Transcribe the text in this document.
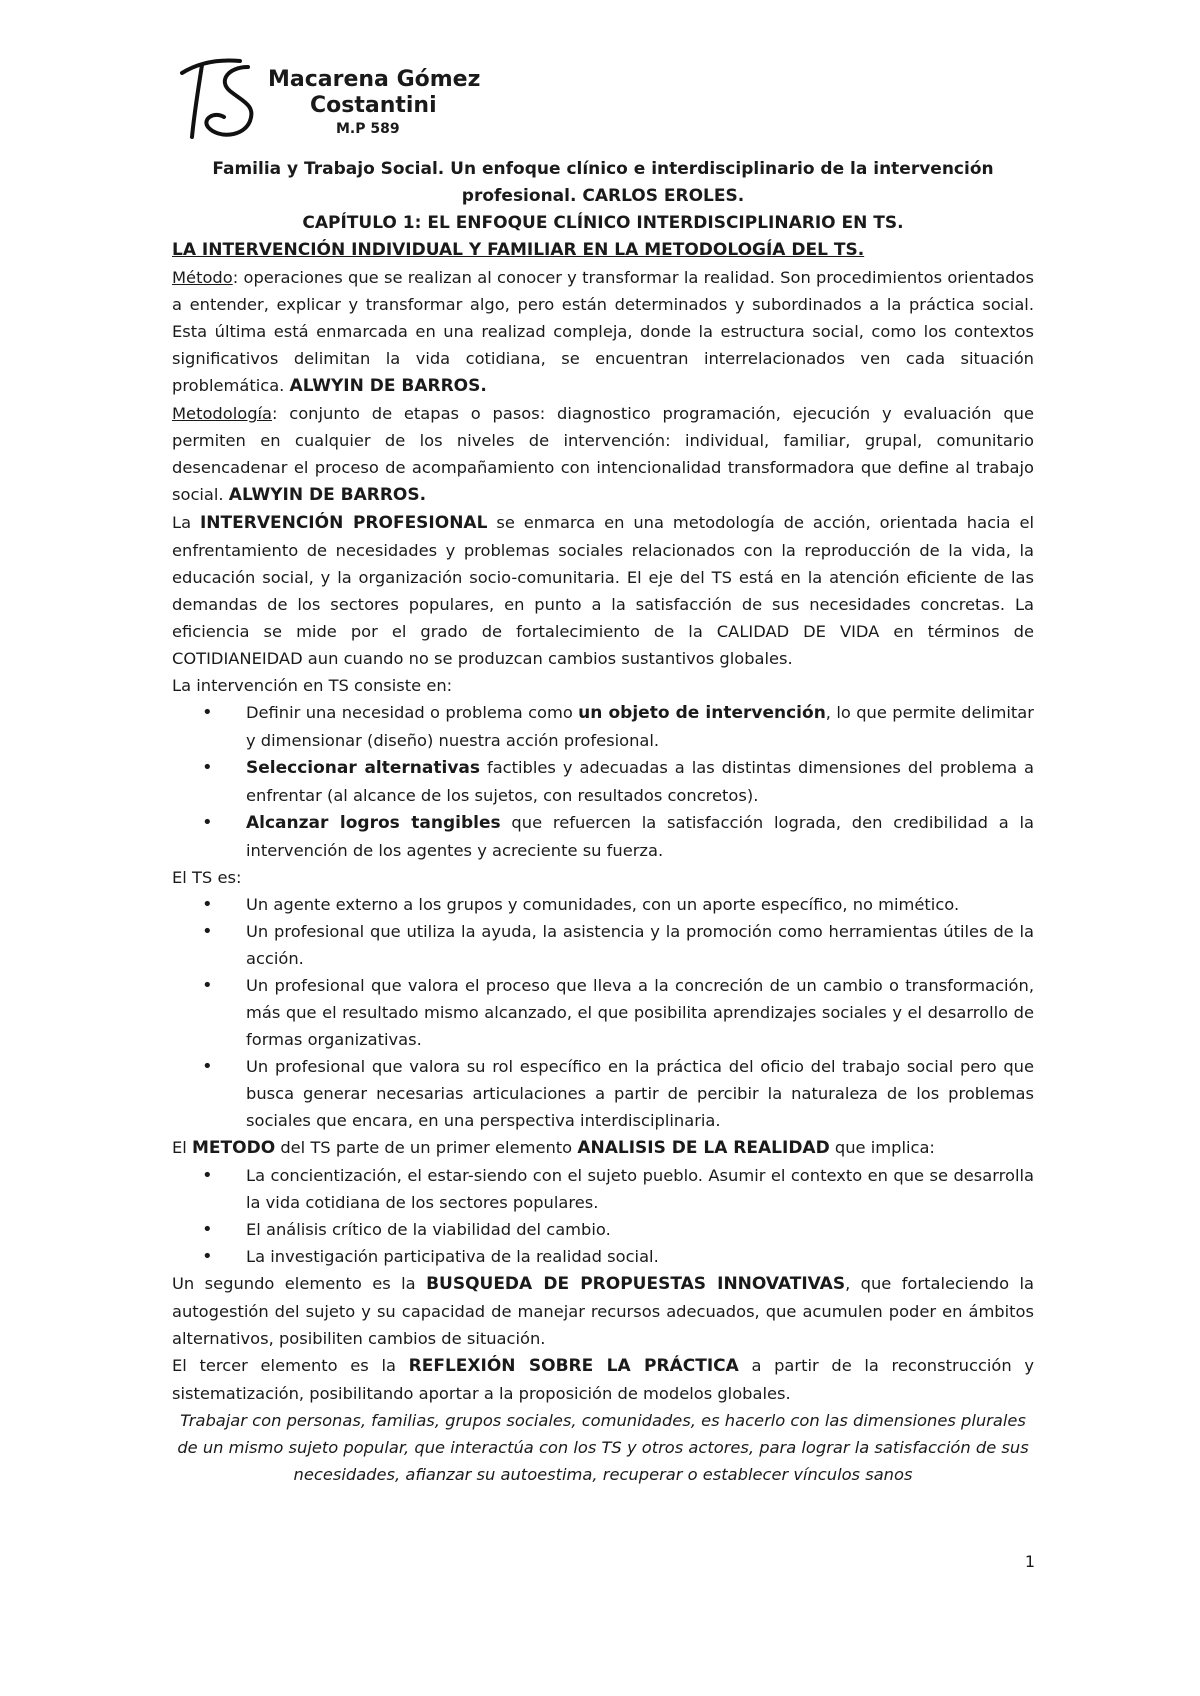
Macarena Gómez
Costantini
M.P 589

Familia y Trabajo Social. Un enfoque clínico e interdisciplinario de la intervención

profesional. CARLOS EROLES.

CAPÍTULO 1: EL ENFOQUE CLÍNICO INTERDISCIPLINARIO EN TS.

LA INTERVENCIÓN INDIVIDUAL Y FAMILIAR EN LA METODOLOGÍA DEL TS.

Método: operaciones que se realizan al conocer y transformar la realidad. Son procedimientos orientados a entender, explicar y transformar algo, pero están determinados y subordinados a la práctica social. Esta última está enmarcada en una realizad compleja, donde la estructura social, como los contextos significativos delimitan la vida cotidiana, se encuentran interrelacionados ven cada situación problemática. ALWYIN DE BARROS.

Metodología: conjunto de etapas o pasos: diagnostico programación, ejecución y evaluación que permiten en cualquier de los niveles de intervención: individual, familiar, grupal, comunitario desencadenar el proceso de acompañamiento con intencionalidad transformadora que define al trabajo social. ALWYIN DE BARROS.

La INTERVENCIÓN PROFESIONAL se enmarca en una metodología de acción, orientada hacia el enfrentamiento de necesidades y problemas sociales relacionados con la reproducción de la vida, la educación social, y la organización socio-comunitaria. El eje del TS está en la atención eficiente de las demandas de los sectores populares, en punto a la satisfacción de sus necesidades concretas. La eficiencia se mide por el grado de fortalecimiento de la CALIDAD DE VIDA en términos de COTIDIANEIDAD aun cuando no se produzcan cambios sustantivos globales.

La intervención en TS consiste en:

• Definir una necesidad o problema como un objeto de intervención, lo que permite delimitar y dimensionar (diseño) nuestra acción profesional.
• Seleccionar alternativas factibles y adecuadas a las distintas dimensiones del problema a enfrentar (al alcance de los sujetos, con resultados concretos).
• Alcanzar logros tangibles que refuercen la satisfacción lograda, den credibilidad a la intervención de los agentes y acreciente su fuerza.

El TS es:

• Un agente externo a los grupos y comunidades, con un aporte específico, no mimético.
• Un profesional que utiliza la ayuda, la asistencia y la promoción como herramientas útiles de la acción.
• Un profesional que valora el proceso que lleva a la concreción de un cambio o transformación, más que el resultado mismo alcanzado, el que posibilita aprendizajes sociales y el desarrollo de formas organizativas.
• Un profesional que valora su rol específico en la práctica del oficio del trabajo social pero que busca generar necesarias articulaciones a partir de percibir la naturaleza de los problemas sociales que encara, en una perspectiva interdisciplinaria.

El METODO del TS parte de un primer elemento ANALISIS DE LA REALIDAD que implica:

• La concientización, el estar-siendo con el sujeto pueblo. Asumir el contexto en que se desarrolla la vida cotidiana de los sectores populares.
• El análisis crítico de la viabilidad del cambio.
• La investigación participativa de la realidad social.

Un segundo elemento es la BUSQUEDA DE PROPUESTAS INNOVATIVAS, que fortaleciendo la autogestión del sujeto y su capacidad de manejar recursos adecuados, que acumulen poder en ámbitos alternativos, posibiliten cambios de situación.

El tercer elemento es la REFLEXIÓN SOBRE LA PRÁCTICA a partir de la reconstrucción y sistematización, posibilitando aportar a la proposición de modelos globales.

Trabajar con personas, familias, grupos sociales, comunidades, es hacerlo con las dimensiones plurales de un mismo sujeto popular, que interactúa con los TS y otros actores, para lograr la satisfacción de sus necesidades, afianzar su autoestima, recuperar o establecer vínculos sanos

1
